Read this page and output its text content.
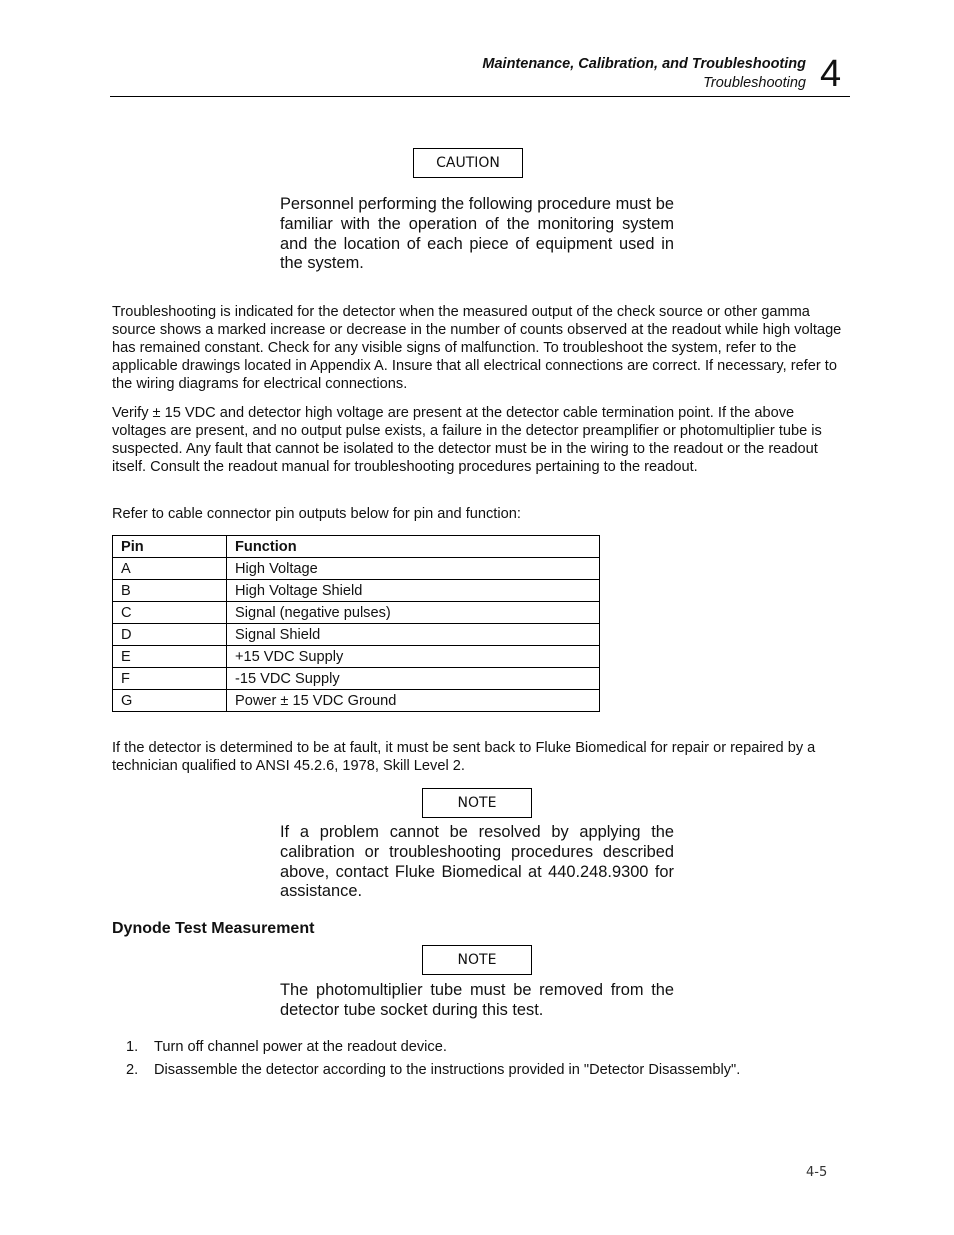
Maintenance, Calibration, and Troubleshooting
Troubleshooting 4
CAUTION
Personnel performing the following procedure must be familiar with the operation of the monitoring system and the location of each piece of equipment used in the system.
Troubleshooting is indicated for the detector when the measured output of the check source or other gamma source shows a marked increase or decrease in the number of counts observed at the readout while high voltage has remained constant. Check for any visible signs of malfunction. To troubleshoot the system, refer to the applicable drawings located in Appendix A. Insure that all electrical connections are correct. If necessary, refer to the wiring diagrams for electrical connections.
Verify ± 15 VDC and detector high voltage are present at the detector cable termination point. If the above voltages are present, and no output pulse exists, a failure in the detector preamplifier or photomultiplier tube is suspected. Any fault that cannot be isolated to the detector must be in the wiring to the readout or the readout itself. Consult the readout manual for troubleshooting procedures pertaining to the readout.
Refer to cable connector pin outputs below for pin and function:
Pin	Function
A	High Voltage
B	High Voltage Shield
C	Signal (negative pulses)
D	Signal Shield
E	+15 VDC Supply
F	-15 VDC Supply
G	Power ± 15 VDC Ground
If the detector is determined to be at fault, it must be sent back to Fluke Biomedical for repair or repaired by a technician qualified to ANSI 45.2.6, 1978, Skill Level 2.
NOTE
If a problem cannot be resolved by applying the calibration or troubleshooting procedures described above, contact Fluke Biomedical at 440.248.9300 for assistance.
Dynode Test Measurement
NOTE
The photomultiplier tube must be removed from the detector tube socket during this test.
1. Turn off channel power at the readout device.
2. Disassemble the detector according to the instructions provided in "Detector Disassembly".
4-5
